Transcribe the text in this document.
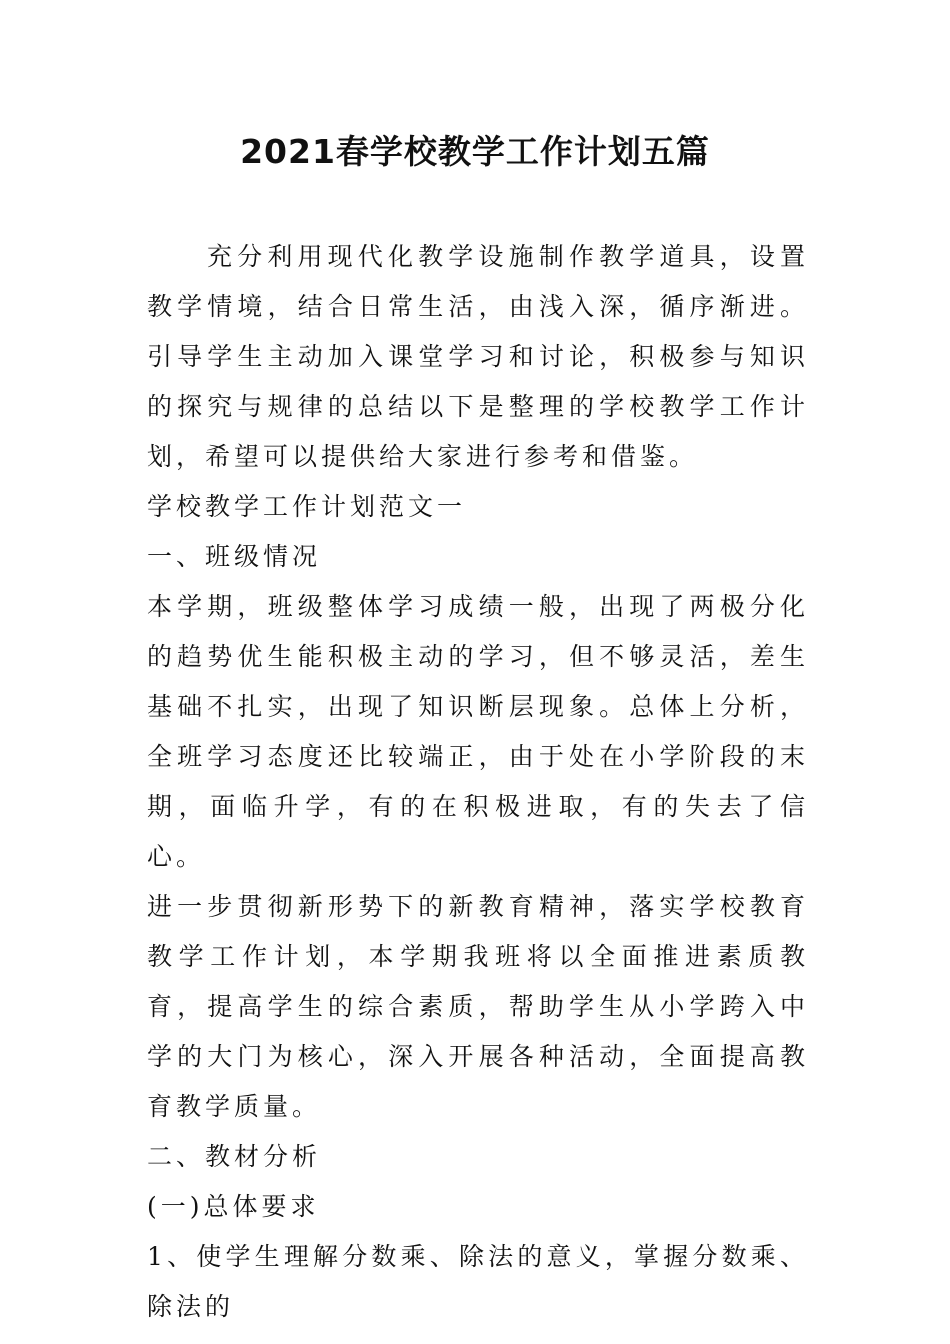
2021春学校教学工作计划五篇

充分利用现代化教学设施制作教学道具，设置教学情境，结合日常生活，由浅入深，循序渐进。引导学生主动加入课堂学习和讨论，积极参与知识的探究与规律的总结以下是整理的学校教学工作计划，希望可以提供给大家进行参考和借鉴。

学校教学工作计划范文一

一、班级情况

本学期，班级整体学习成绩一般，出现了两极分化的趋势优生能积极主动的学习，但不够灵活，差生基础不扎实，出现了知识断层现象。总体上分析，全班学习态度还比较端正，由于处在小学阶段的末期，面临升学，有的在积极进取，有的失去了信心。

进一步贯彻新形势下的新教育精神，落实学校教育教学工作计划，本学期我班将以全面推进素质教育，提高学生的综合素质，帮助学生从小学跨入中学的大门为核心，深入开展各种活动，全面提高教育教学质量。

二、教材分析

(一)总体要求

1、使学生理解分数乘、除法的意义，掌握分数乘、除法的
